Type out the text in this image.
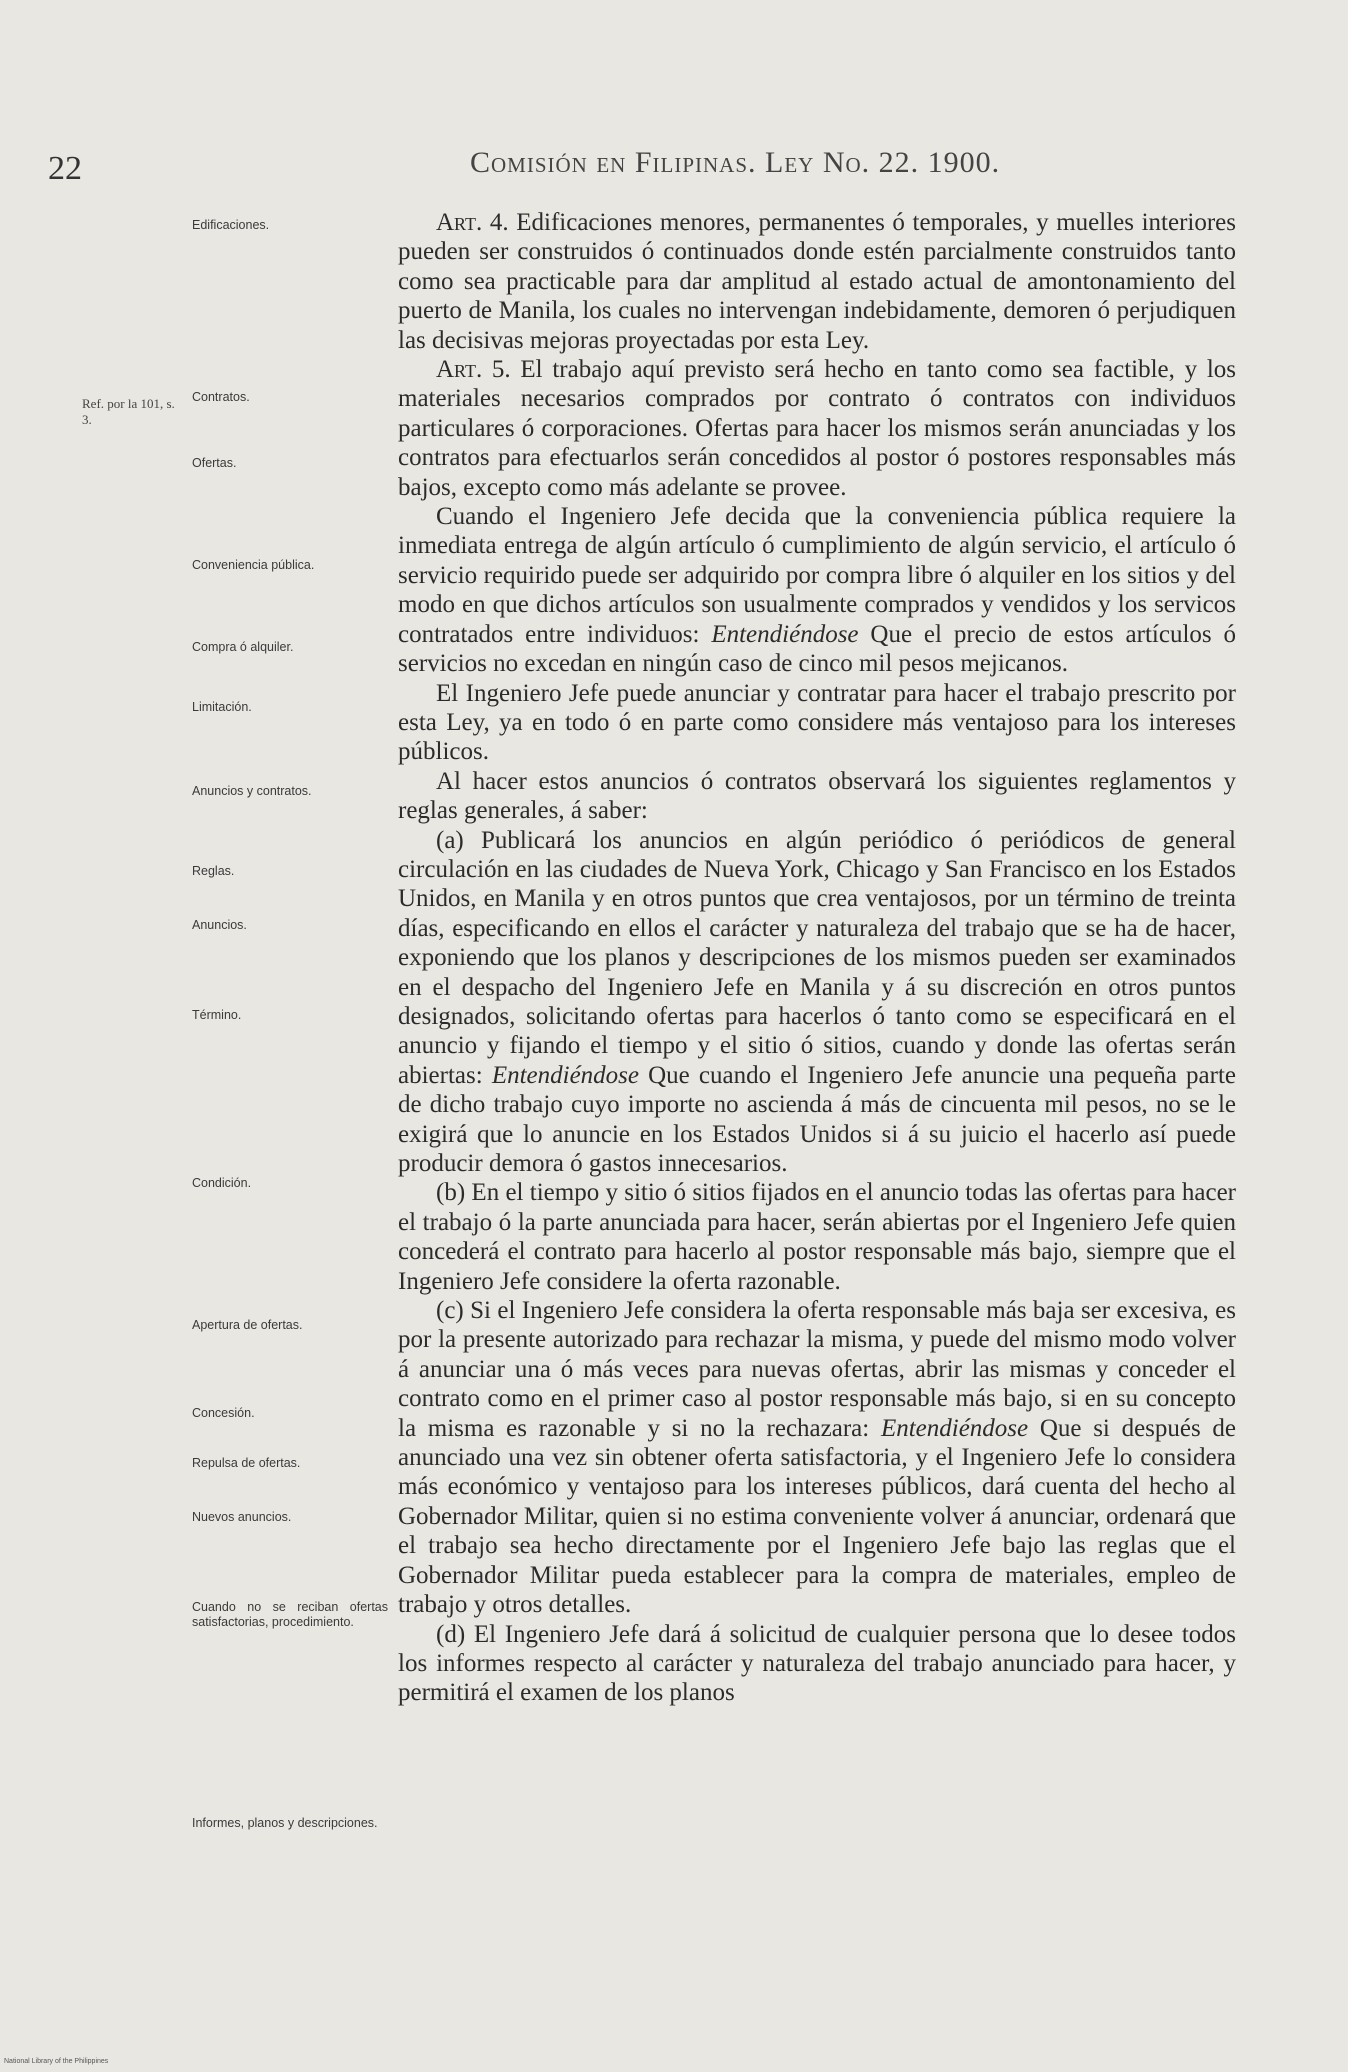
22	Comisión en Filipinas. Ley No. 22. 1900.
Ref. por la 101, s. 3.
Edificaciones.
Contratos.
Ofertas.
Conveniencia pública.
Compra ó alquiler.
Limitación.
Anuncios y contratos.
Reglas.
Anuncios.
Término.
Condición.
Apertura de ofertas.
Concesión.
Repulsa de ofertas.
Nuevos anuncios.
Cuando no se reciban ofertas satisfactorias, procedimiento.
Informes, planos y descripciones.

Art. 4. Edificaciones menores, permanentes ó temporales, y muelles interiores pueden ser construidos ó continuados donde estén parcialmente construidos tanto como sea practicable para dar amplitud al estado actual de amontonamiento del puerto de Manila, los cuales no intervengan indebidamente, demoren ó perjudiquen las decisivas mejoras proyectadas por esta Ley.

Art. 5. El trabajo aquí previsto será hecho en tanto como sea factible, y los materiales necesarios comprados por contrato ó contratos con individuos particulares ó corporaciones. Ofertas para hacer los mismos serán anunciadas y los contratos para efectuarlos serán concedidos al postor ó postores responsables más bajos, excepto como más adelante se provee.

Cuando el Ingeniero Jefe decida que la conveniencia pública requiere la inmediata entrega de algún artículo ó cumplimiento de algún servicio, el artículo ó servicio requirido puede ser adquirido por compra libre ó alquiler en los sitios y del modo en que dichos artículos son usualmente comprados y vendidos y los servicos contratados entre individuos: Entendiéndose Que el precio de estos artículos ó servicios no excedan en ningún caso de cinco mil pesos mejicanos.

El Ingeniero Jefe puede anunciar y contratar para hacer el trabajo prescrito por esta Ley, ya en todo ó en parte como considere más ventajoso para los intereses públicos.

Al hacer estos anuncios ó contratos observará los siguientes reglamentos y reglas generales, á saber:

(a) Publicará los anuncios en algún periódico ó periódicos de general circulación en las ciudades de Nueva York, Chicago y San Francisco en los Estados Unidos, en Manila y en otros puntos que crea ventajosos, por un término de treinta días, especificando en ellos el carácter y naturaleza del trabajo que se ha de hacer, exponiendo que los planos y descripciones de los mismos pueden ser examinados en el despacho del Ingeniero Jefe en Manila y á su discreción en otros puntos designados, solicitando ofertas para hacerlos ó tanto como se especificará en el anuncio y fijando el tiempo y el sitio ó sitios, cuando y donde las ofertas serán abiertas: Entendiéndose Que cuando el Ingeniero Jefe anuncie una pequeña parte de dicho trabajo cuyo importe no ascienda á más de cincuenta mil pesos, no se le exigirá que lo anuncie en los Estados Unidos si á su juicio el hacerlo así puede producir demora ó gastos innecesarios.

(b) En el tiempo y sitio ó sitios fijados en el anuncio todas las ofertas para hacer el trabajo ó la parte anunciada para hacer, serán abiertas por el Ingeniero Jefe quien concederá el contrato para hacerlo al postor responsable más bajo, siempre que el Ingeniero Jefe considere la oferta razonable.

(c) Si el Ingeniero Jefe considera la oferta responsable más baja ser excesiva, es por la presente autorizado para rechazar la misma, y puede del mismo modo volver á anunciar una ó más veces para nuevas ofertas, abrir las mismas y conceder el contrato como en el primer caso al postor responsable más bajo, si en su concepto la misma es razonable y si no la rechazara: Entendiéndose Que si después de anunciado una vez sin obtener oferta satisfactoria, y el Ingeniero Jefe lo considera más económico y ventajoso para los intereses públicos, dará cuenta del hecho al Gobernador Militar, quien si no estima conveniente volver á anunciar, ordenará que el trabajo sea hecho directamente por el Ingeniero Jefe bajo las reglas que el Gobernador Militar pueda establecer para la compra de materiales, empleo de trabajo y otros detalles.

(d) El Ingeniero Jefe dará á solicitud de cualquier persona que lo desee todos los informes respecto al carácter y naturaleza del trabajo anunciado para hacer, y permitirá el examen de los planos

National Library of the Philippines
